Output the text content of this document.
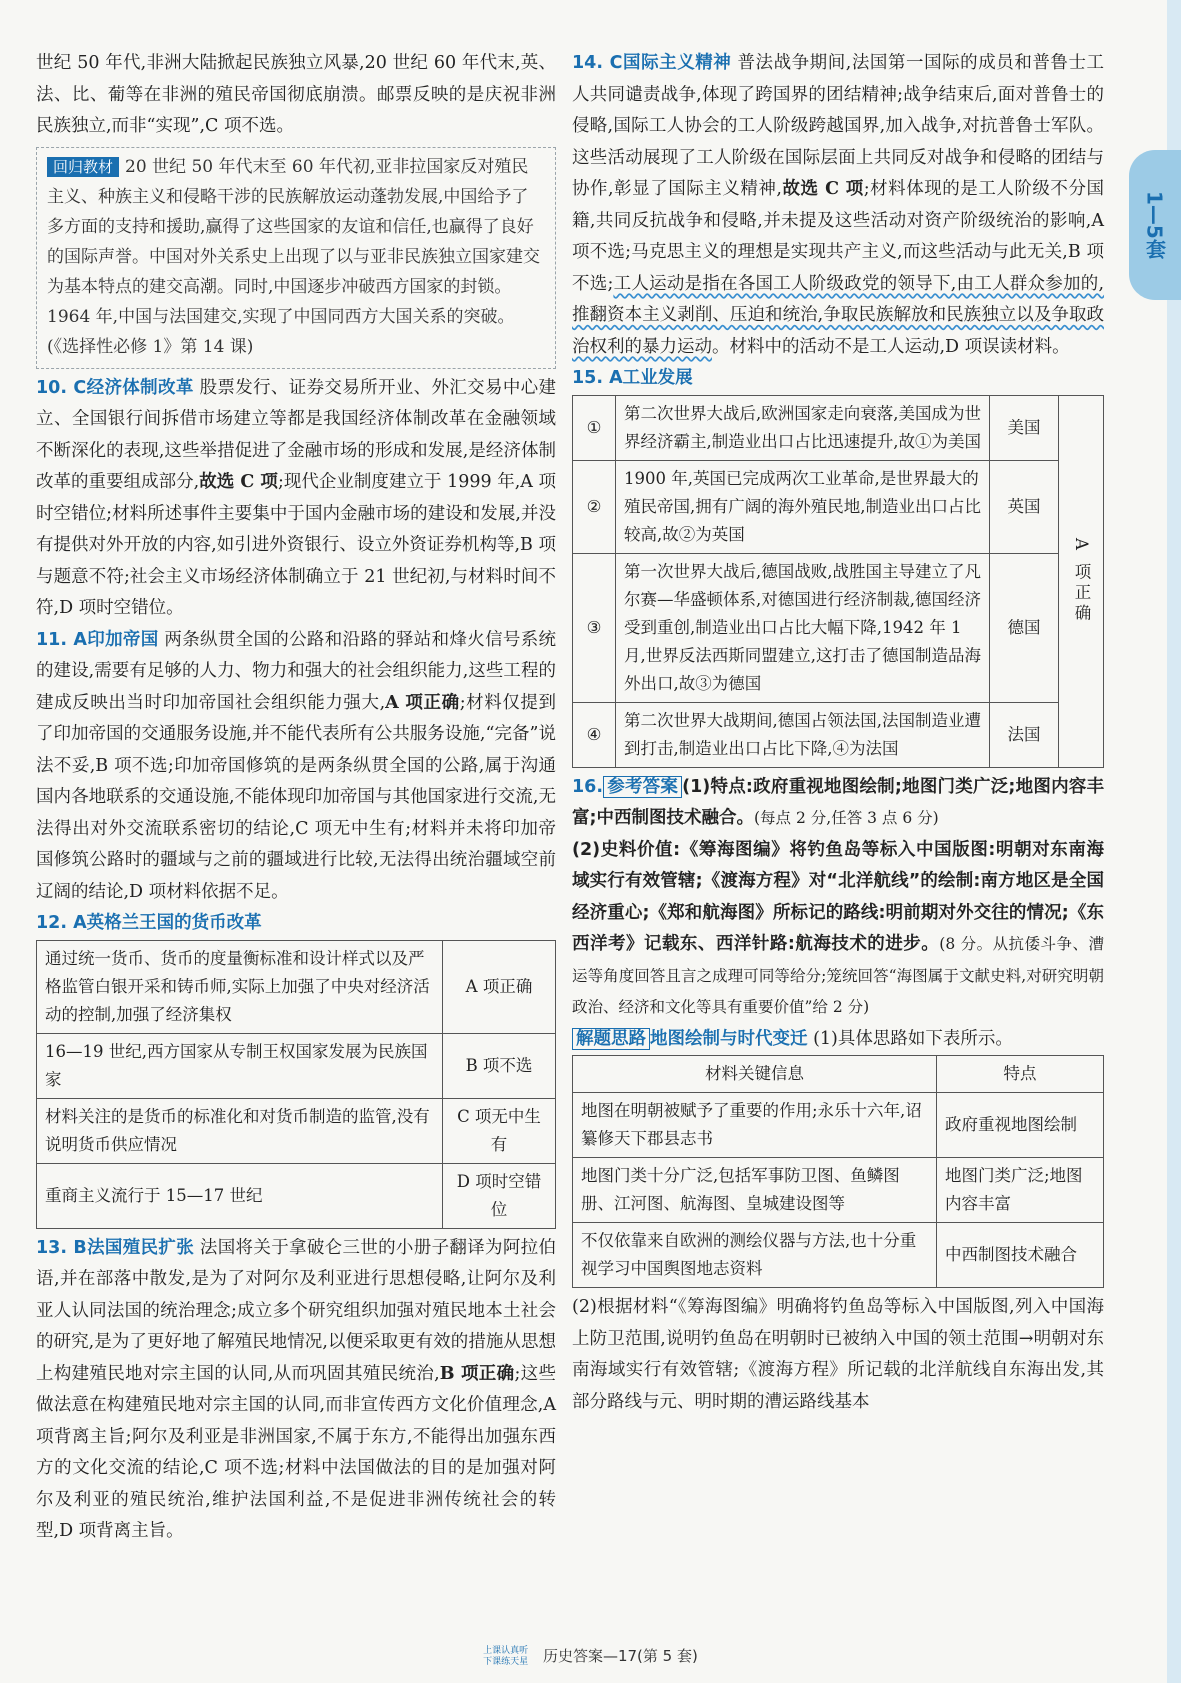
1—5套

世纪 50 年代,非洲大陆掀起民族独立风暴,20 世纪 60 年代末,英、法、比、葡等在非洲的殖民帝国彻底崩溃。邮票反映的是庆祝非洲民族独立,而非“实现”,C 项不选。

回归教材 20 世纪 50 年代末至 60 年代初,亚非拉国家反对殖民主义、种族主义和侵略干涉的民族解放运动蓬勃发展,中国给予了多方面的支持和援助,赢得了这些国家的友谊和信任,也赢得了良好的国际声誉。中国对外关系史上出现了以与亚非民族独立国家建交为基本特点的建交高潮。同时,中国逐步冲破西方国家的封锁。1964 年,中国与法国建交,实现了中国同西方大国关系的突破。(《选择性必修 1》第 14 课)

10. C经济体制改革 股票发行、证券交易所开业、外汇交易中心建立、全国银行间拆借市场建立等都是我国经济体制改革在金融领域不断深化的表现,这些举措促进了金融市场的形成和发展,是经济体制改革的重要组成部分,故选 C 项;现代企业制度建立于 1999 年,A 项时空错位;材料所述事件主要集中于国内金融市场的建设和发展,并没有提供对外开放的内容,如引进外资银行、设立外资证券机构等,B 项与题意不符;社会主义市场经济体制确立于 21 世纪初,与材料时间不符,D 项时空错位。

11. A印加帝国 两条纵贯全国的公路和沿路的驿站和烽火信号系统的建设,需要有足够的人力、物力和强大的社会组织能力,这些工程的建成反映出当时印加帝国社会组织能力强大,A 项正确;材料仅提到了印加帝国的交通服务设施,并不能代表所有公共服务设施,“完备”说法不妥,B 项不选;印加帝国修筑的是两条纵贯全国的公路,属于沟通国内各地联系的交通设施,不能体现印加帝国与其他国家进行交流,无法得出对外交流联系密切的结论,C 项无中生有;材料并未将印加帝国修筑公路时的疆域与之前的疆域进行比较,无法得出统治疆域空前辽阔的结论,D 项材料依据不足。

12. A英格兰王国的货币改革

通过统一货币、货币的度量衡标准和设计样式以及严格监管白银开采和铸币师,实际上加强了中央对经济活动的控制,加强了经济集权	A 项正确
16—19 世纪,西方国家从专制王权国家发展为民族国家	B 项不选
材料关注的是货币的标准化和对货币制造的监管,没有说明货币供应情况	C 项无中生有
重商主义流行于 15—17 世纪	D 项时空错位

13. B法国殖民扩张 法国将关于拿破仑三世的小册子翻译为阿拉伯语,并在部落中散发,是为了对阿尔及利亚进行思想侵略,让阿尔及利亚人认同法国的统治理念;成立多个研究组织加强对殖民地本土社会的研究,是为了更好地了解殖民地情况,以便采取更有效的措施从思想上构建殖民地对宗主国的认同,从而巩固其殖民统治,B 项正确;这些做法意在构建殖民地对宗主国的认同,而非宣传西方文化价值理念,A 项背离主旨;阿尔及利亚是非洲国家,不属于东方,不能得出加强东西方的文化交流的结论,C 项不选;材料中法国做法的目的是加强对阿尔及利亚的殖民统治,维护法国利益,不是促进非洲传统社会的转型,D 项背离主旨。

14. C国际主义精神 普法战争期间,法国第一国际的成员和普鲁士工人共同谴责战争,体现了跨国界的团结精神;战争结束后,面对普鲁士的侵略,国际工人协会的工人阶级跨越国界,加入战争,对抗普鲁士军队。这些活动展现了工人阶级在国际层面上共同反对战争和侵略的团结与协作,彰显了国际主义精神,故选 C 项;材料体现的是工人阶级不分国籍,共同反抗战争和侵略,并未提及这些活动对资产阶级统治的影响,A 项不选;马克思主义的理想是实现共产主义,而这些活动与此无关,B 项不选;工人运动是指在各国工人阶级政党的领导下,由工人群众参加的,推翻资本主义剥削、压迫和统治,争取民族解放和民族独立以及争取政治权利的暴力运动。材料中的活动不是工人运动,D 项误读材料。

15. A工业发展

①	第二次世界大战后,欧洲国家走向衰落,美国成为世界经济霸主,制造业出口占比迅速提升,故①为美国	美国	A 项正确
②	1900 年,英国已完成两次工业革命,是世界最大的殖民帝国,拥有广阔的海外殖民地,制造业出口占比较高,故②为英国	英国	
③	第一次世界大战后,德国战败,战胜国主导建立了凡尔赛—华盛顿体系,对德国进行经济制裁,德国经济受到重创,制造业出口占比大幅下降,1942 年 1 月,世界反法西斯同盟建立,这打击了德国制造品海外出口,故③为德国	德国	
④	第二次世界大战期间,德国占领法国,法国制造业遭到打击,制造业出口占比下降,④为法国	法国	

16. 参考答案 (1)特点:政府重视地图绘制;地图门类广泛;地图内容丰富;中西制图技术融合。(每点 2 分,任答 3 点 6 分)

(2)史料价值:《筹海图编》将钓鱼岛等标入中国版图:明朝对东南海域实行有效管辖;《渡海方程》对“北洋航线”的绘制:南方地区是全国经济重心;《郑和航海图》所标记的路线:明前期对外交往的情况;《东西洋考》记载东、西洋针路:航海技术的进步。(8 分。从抗倭斗争、漕运等角度回答且言之成理可同等给分;笼统回答“海图属于文献史料,对研究明朝政治、经济和文化等具有重要价值”给 2 分)

解题思路 地图绘制与时代变迁 (1)具体思路如下表所示。

材料关键信息	特点
地图在明朝被赋予了重要的作用;永乐十六年,诏纂修天下郡县志书	政府重视地图绘制
地图门类十分广泛,包括军事防卫图、鱼鳞图册、江河图、航海图、皇城建设图等	地图门类广泛;地图内容丰富
不仅依靠来自欧洲的测绘仪器与方法,也十分重视学习中国舆图地志资料	中西制图技术融合

(2)根据材料“《筹海图编》明确将钓鱼岛等标入中国版图,列入中国海上防卫范围,说明钓鱼岛在明朝时已被纳入中国的领土范围→明朝对东南海域实行有效管辖;《渡海方程》所记载的北洋航线自东海出发,其部分路线与元、明时期的漕运路线基本

上课认真听
下课练天星 历史答案—17(第 5 套)
